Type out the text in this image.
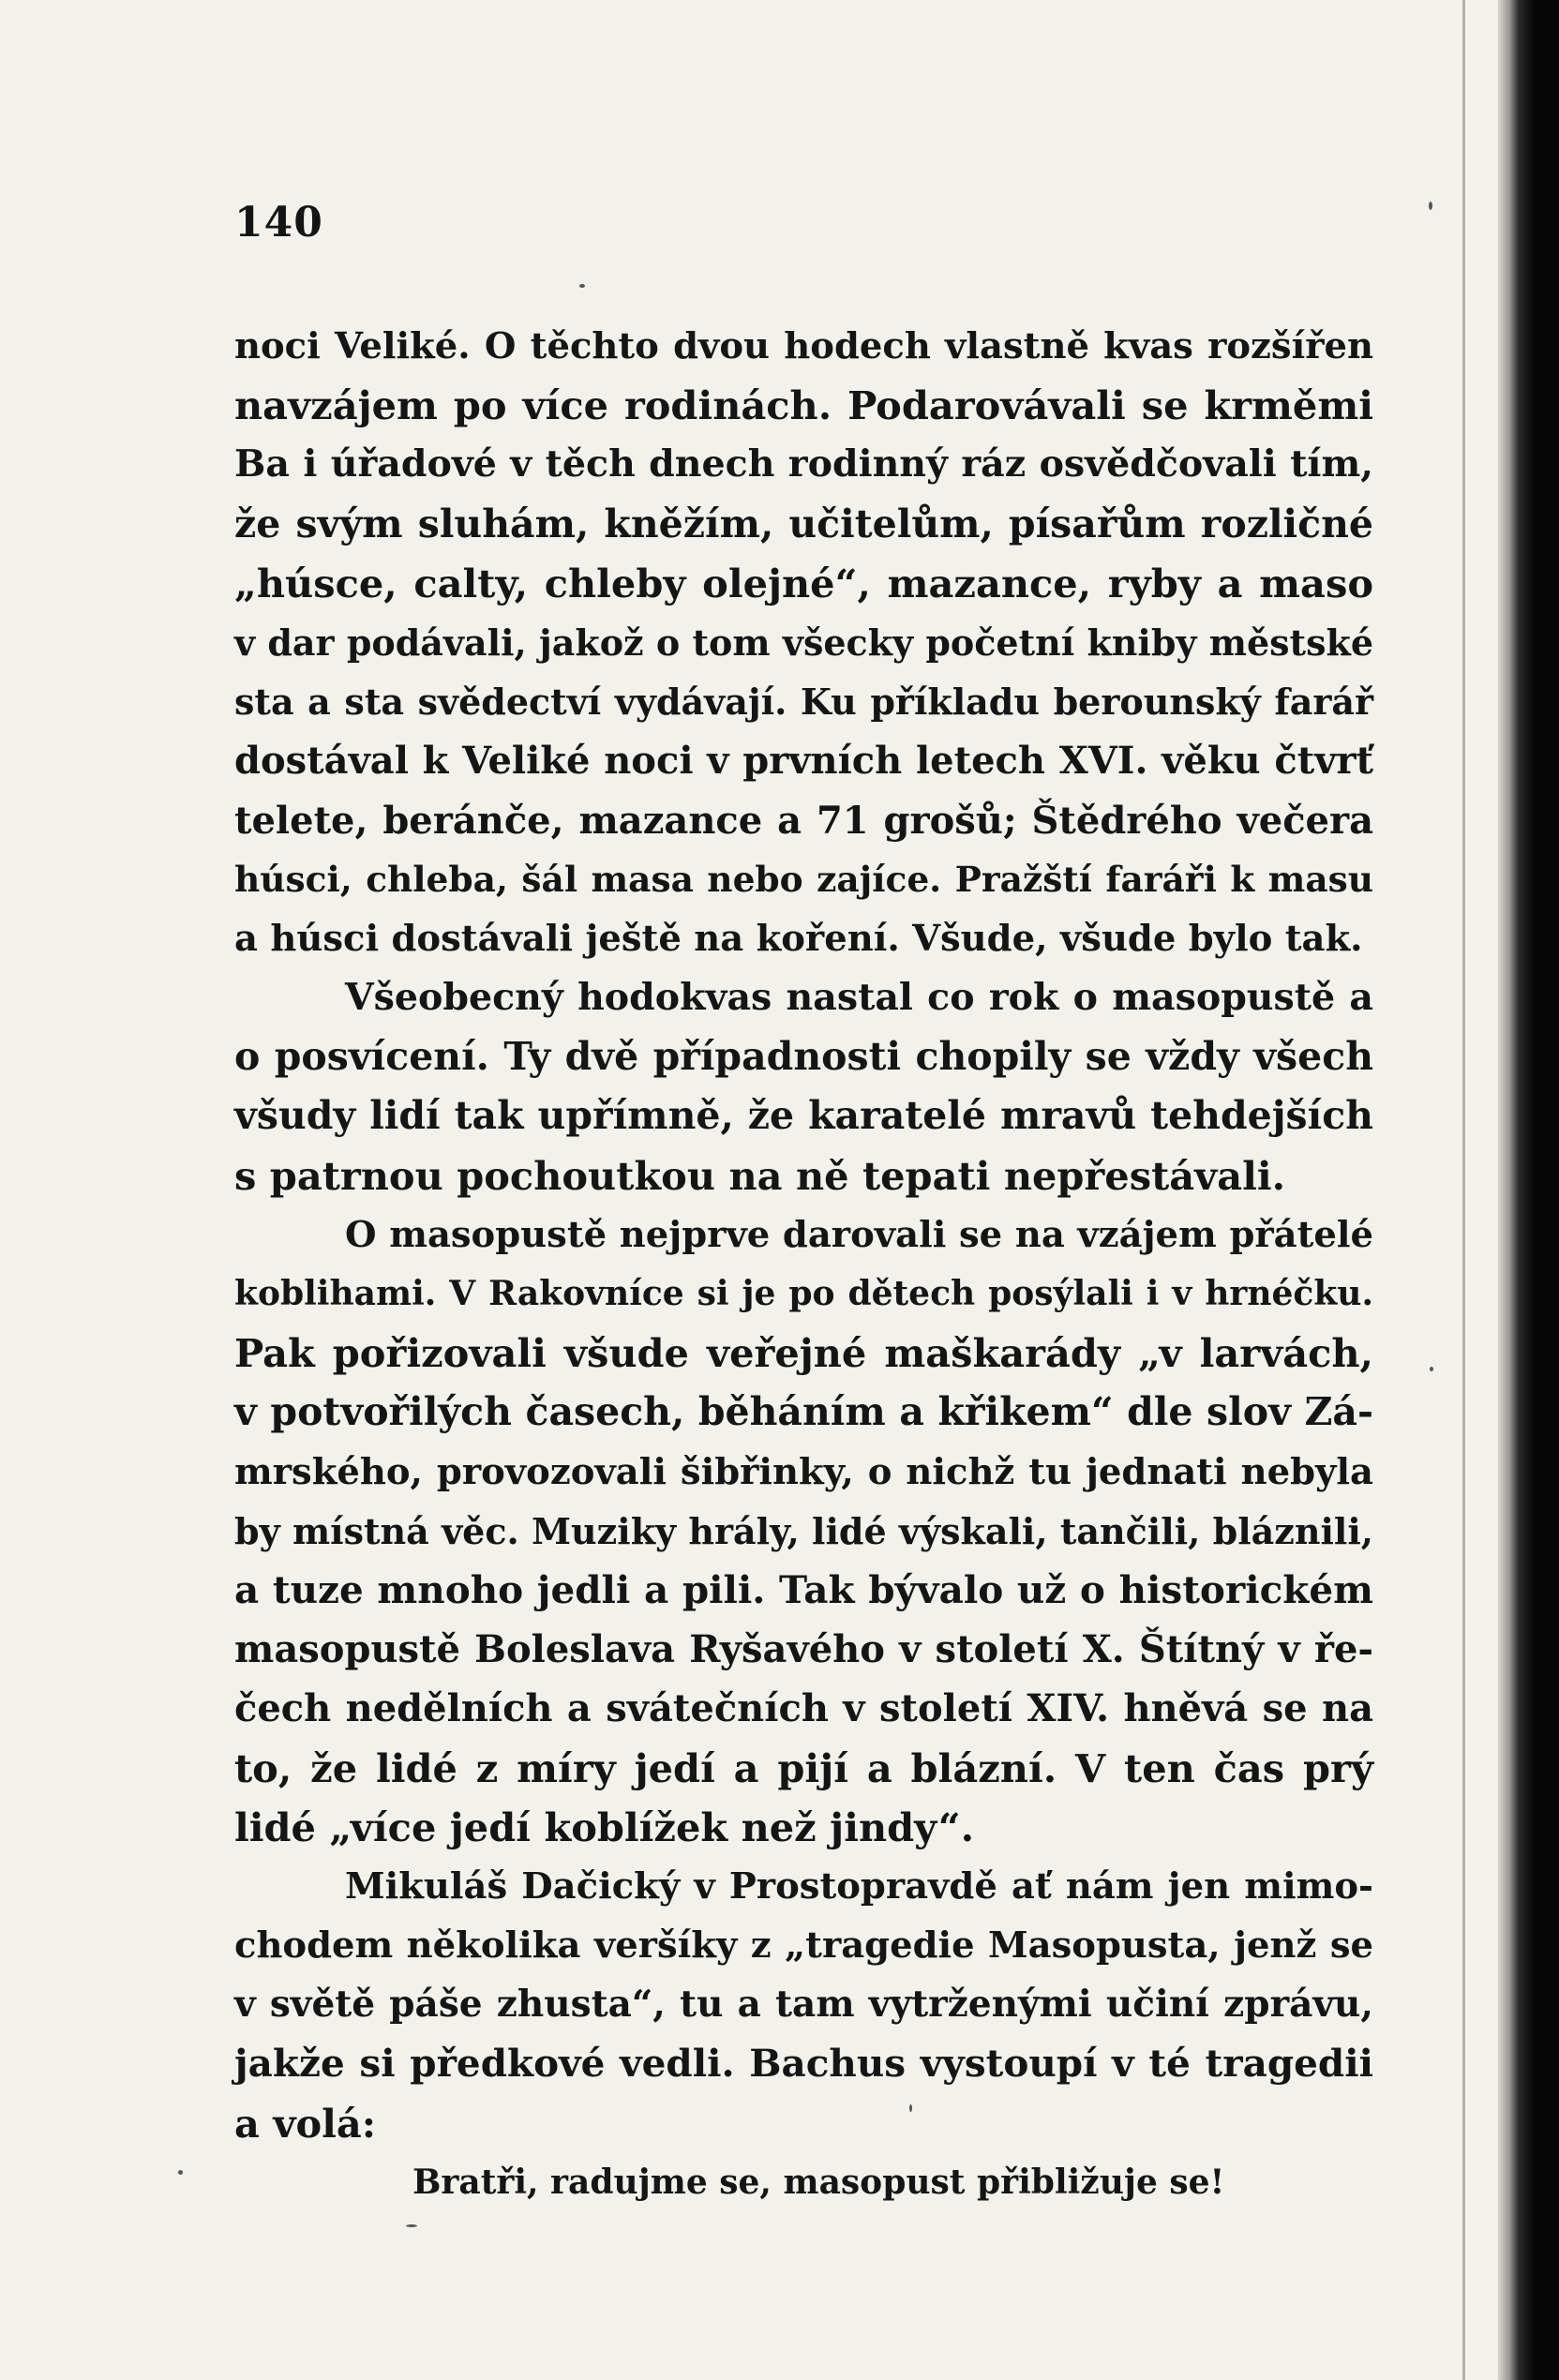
140
noci Veliké. O těchto dvou hodech vlastně kvas rozšířen
navzájem po více rodinách. Podarovávali se krměmi
Ba i úřadové v těch dnech rodinný ráz osvědčovali tím,
že svým sluhám, kněžím, učitelům, písařům rozličné
„húsce, calty, chleby olejné“, mazance, ryby a maso
v dar podávali, jakož o tom všecky početní kniby městské
sta a sta svědectví vydávají. Ku příkladu berounský farář
dostával k Veliké noci v prvních letech XVI. věku čtvrť
telete, beránče, mazance a 71 grošů; Štědrého večera
húsci, chleba, šál masa nebo zajíce. Pražští faráři k masu
a húsci dostávali ještě na koření. Všude, všude bylo tak.
Všeobecný hodokvas nastal co rok o masopustě a
o posvícení. Ty dvě případnosti chopily se vždy všech
všudy lidí tak upřímně, že karatelé mravů tehdejších
s patrnou pochoutkou na ně tepati nepřestávali.
O masopustě nejprve darovali se na vzájem přátelé
koblihami. V Rakovníce si je po dětech posýlali i v hrnéčku.
Pak pořizovali všude veřejné maškarády „v larvách,
v potvořilých časech, běháním a křikem“ dle slov Zá-
mrského, provozovali šibřinky, o nichž tu jednati nebyla
by místná věc. Muziky hrály, lidé výskali, tančili, bláznili,
a tuze mnoho jedli a pili. Tak bývalo už o historickém
masopustě Boleslava Ryšavého v století X. Štítný v ře-
čech nedělních a svátečních v století XIV. hněvá se na
to, že lidé z míry jedí a pijí a blázní. V ten čas prý
lidé „více jedí koblížek než jindy“.
Mikuláš Dačický v Prostopravdě ať nám jen mimo-
chodem několika veršíky z „tragedie Masopusta, jenž se
v světě páše zhusta“, tu a tam vytrženými učiní zprávu,
jakže si předkové vedli. Bachus vystoupí v té tragedii
a volá:
Bratři, radujme se, masopust přibližuje se!
